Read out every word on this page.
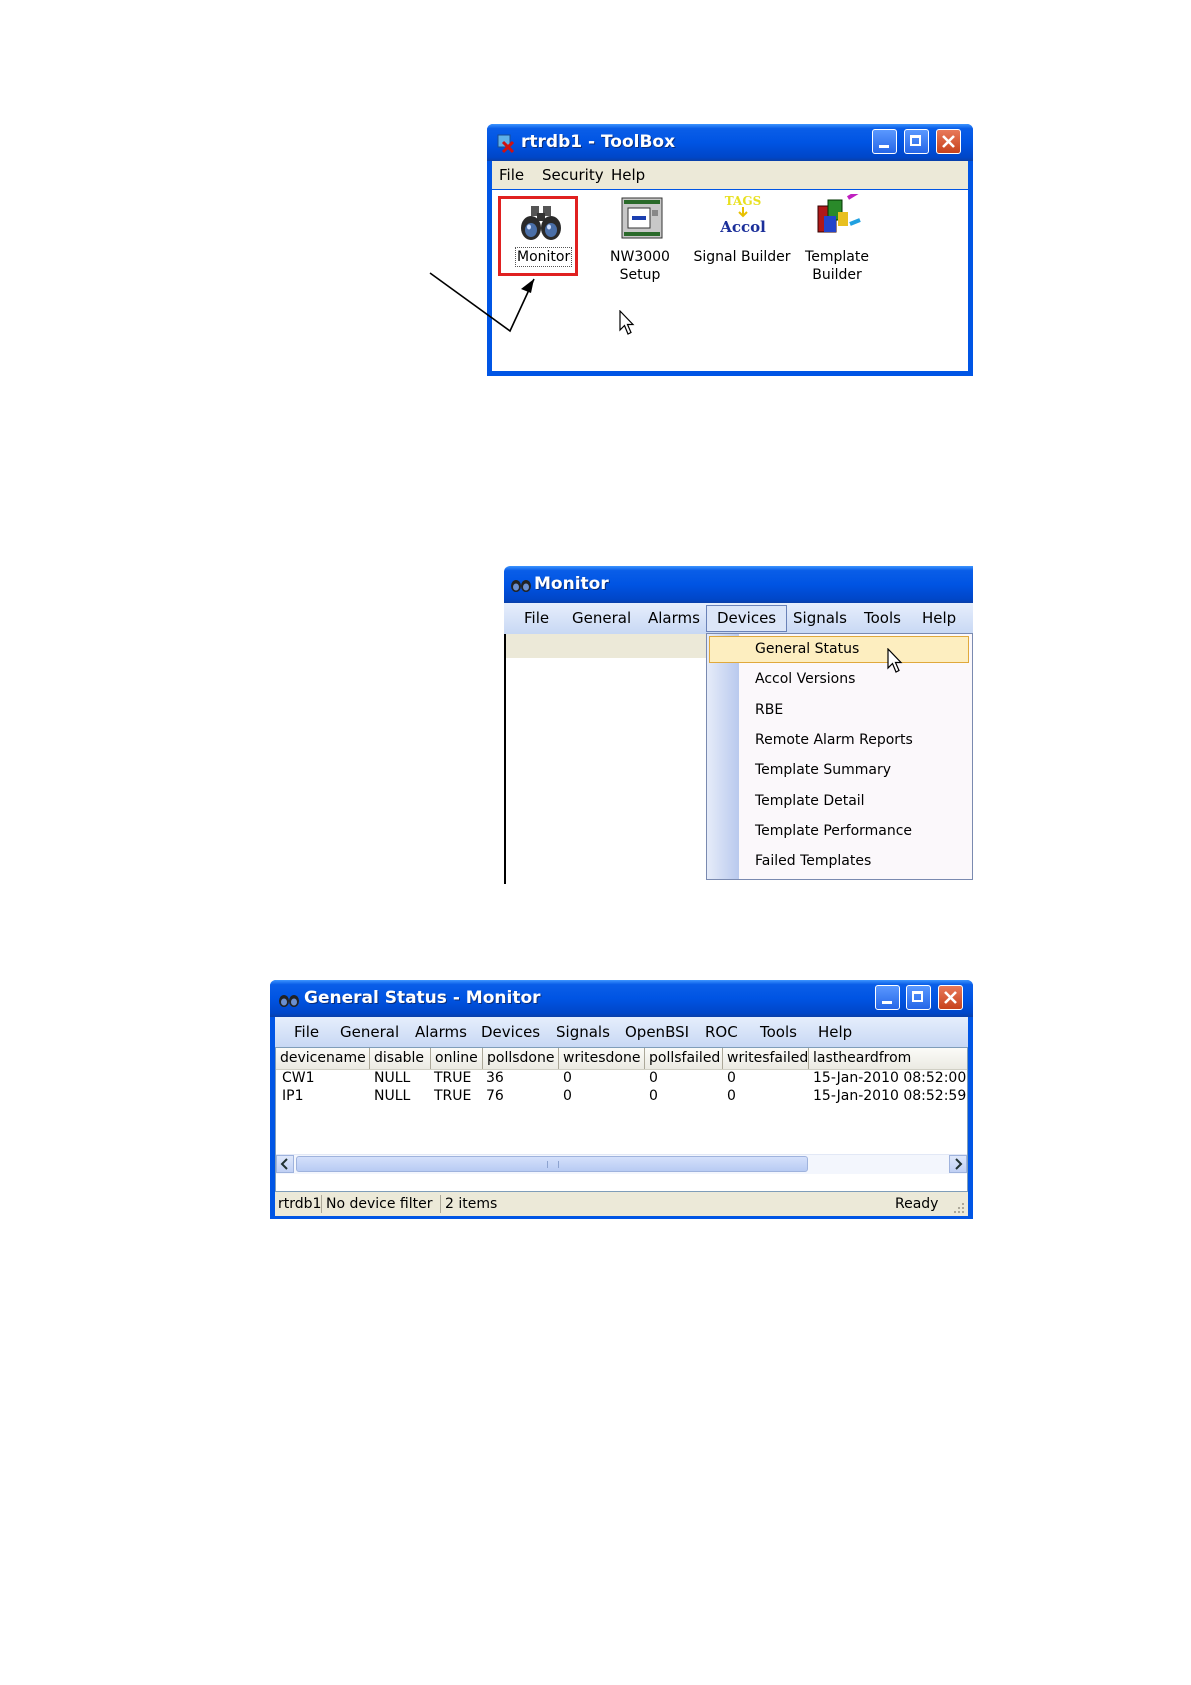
rtrdb1 - ToolBox
File Security Help
Monitor	NW3000
Setup
TAGS
Accol
Signal Builder	Template
Builder
Monitor
File General Alarms	Devices	Signals Tools Help
General Status
Accol Versions
RBE
Remote Alarm Reports
Template Summary
Template Detail
Template Performance
Failed Templates
General Status - Monitor
File General Alarms Devices Signals OpenBSI ROC Tools Help
devicename disable online pollsdone writesdone pollsfailed writesfailed lastheardfrom
CW1	NULL TRUE 36	0	0	0	15-Jan-2010 08:52:00
IP1	NULL TRUE 76	0	0	0	15-Jan-2010 08:52:59
rtrdb1 No device filter 2 items	Ready
